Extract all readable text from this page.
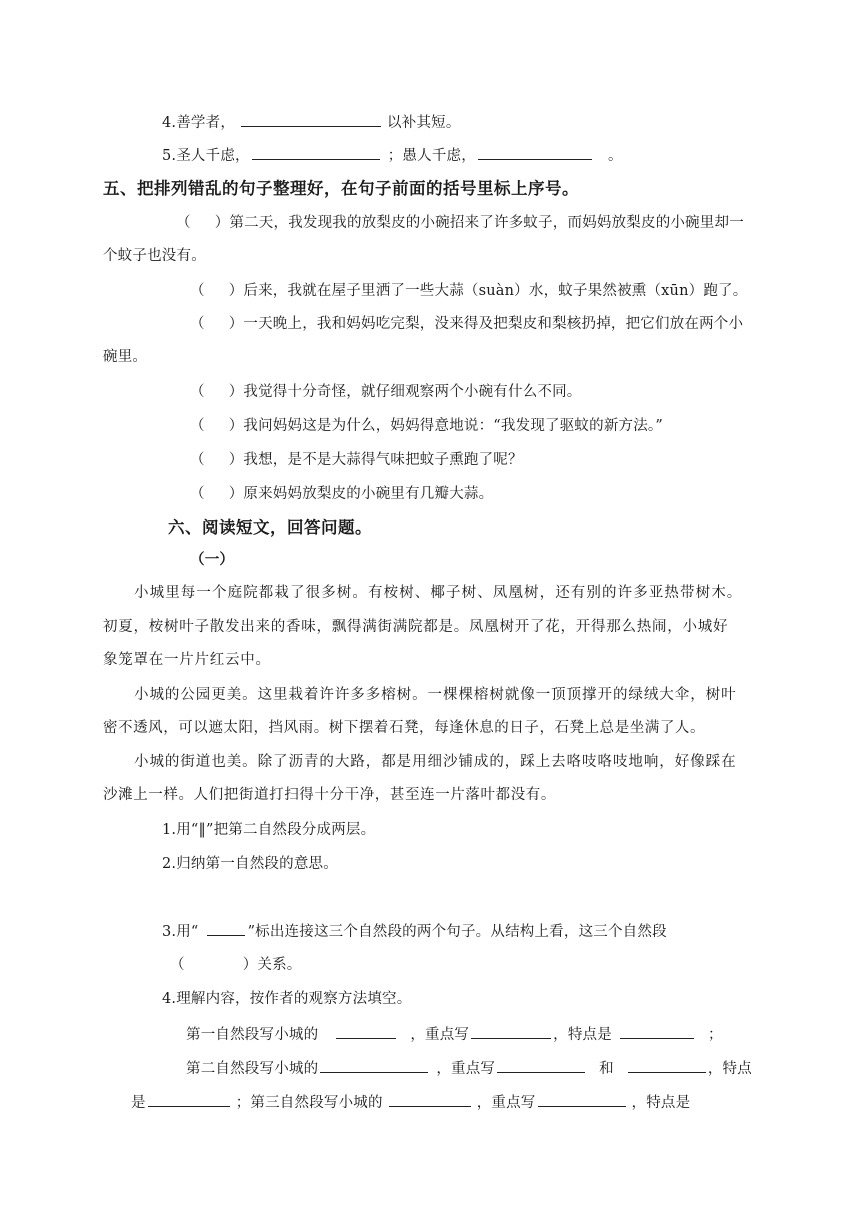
4.善学者，	以补其短。
5.圣人千虑，	；愚人千虑，	。
五、把排列错乱的句子整理好，在句子前面的括号里标上序号。
（ ）第二天，我发现我的放梨皮的小碗招来了许多蚊子，而妈妈放梨皮的小碗里却一
个蚊子也没有。
（ ）后来，我就在屋子里洒了一些大蒜（suàn）水，蚊子果然被熏（xūn）跑了。
（ ）一天晚上，我和妈妈吃完梨，没来得及把梨皮和梨核扔掉，把它们放在两个小
碗里。
（ ）我觉得十分奇怪，就仔细观察两个小碗有什么不同。
（ ）我问妈妈这是为什么，妈妈得意地说：“我发现了驱蚊的新方法。”
（ ）我想，是不是大蒜得气味把蚊子熏跑了呢？
（ ）原来妈妈放梨皮的小碗里有几瓣大蒜。
六、阅读短文，回答问题。
（一）
小城里每一个庭院都栽了很多树。有桉树、椰子树、凤凰树，还有别的许多亚热带树木。
初夏，桉树叶子散发出来的香味，飘得满街满院都是。凤凰树开了花，开得那么热闹，小城好
象笼罩在一片片红云中。
小城的公园更美。这里栽着许许多多榕树。一棵棵榕树就像一顶顶撑开的绿绒大伞，树叶
密不透风，可以遮太阳，挡风雨。树下摆着石凳，每逢休息的日子，石凳上总是坐满了人。
小城的街道也美。除了沥青的大路，都是用细沙铺成的，踩上去咯吱咯吱地响，好像踩在
沙滩上一样。人们把街道打扫得十分干净，甚至连一片落叶都没有。
1.用“‖”把第二自然段分成两层。
2.归纳第一自然段的意思。
3.用“	”标出连接这三个自然段的两个句子。从结构上看，这三个自然段
（	）关系。
4.理解内容，按作者的观察方法填空。
第一自然段写小城的	，重点写	，特点是	；
第二自然段写小城的	，重点写	和	，特点
是	；第三自然段写小城的	，重点写	，特点是
